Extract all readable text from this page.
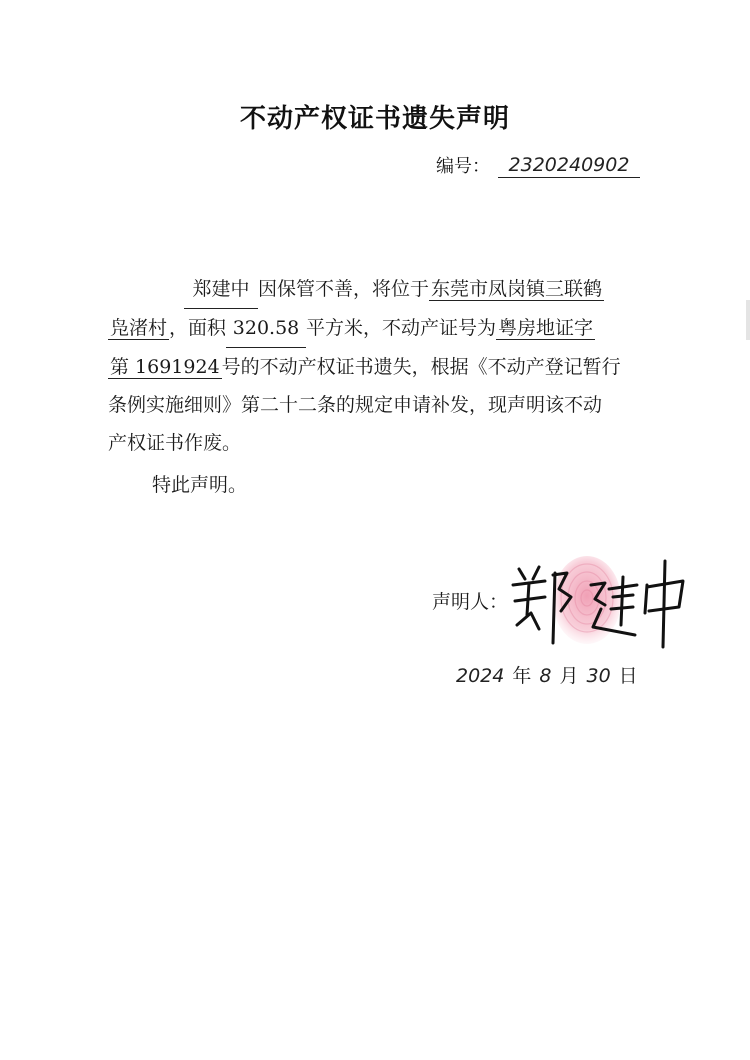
不动产权证书遗失声明
编号： 2320240902
郑建中 因保管不善，将位于 东莞市凤岗镇三联鹤
凫渚村 ，面积 320.58 平方米，不动产证号为 粤房地证字
第 1691924 号的不动产权证书遗失，根据《不动产登记暂行
条例实施细则》第二十二条的规定申请补发，现声明该不动
产权证书作废。
特此声明。
声明人：
2024 年 8 月 30 日
